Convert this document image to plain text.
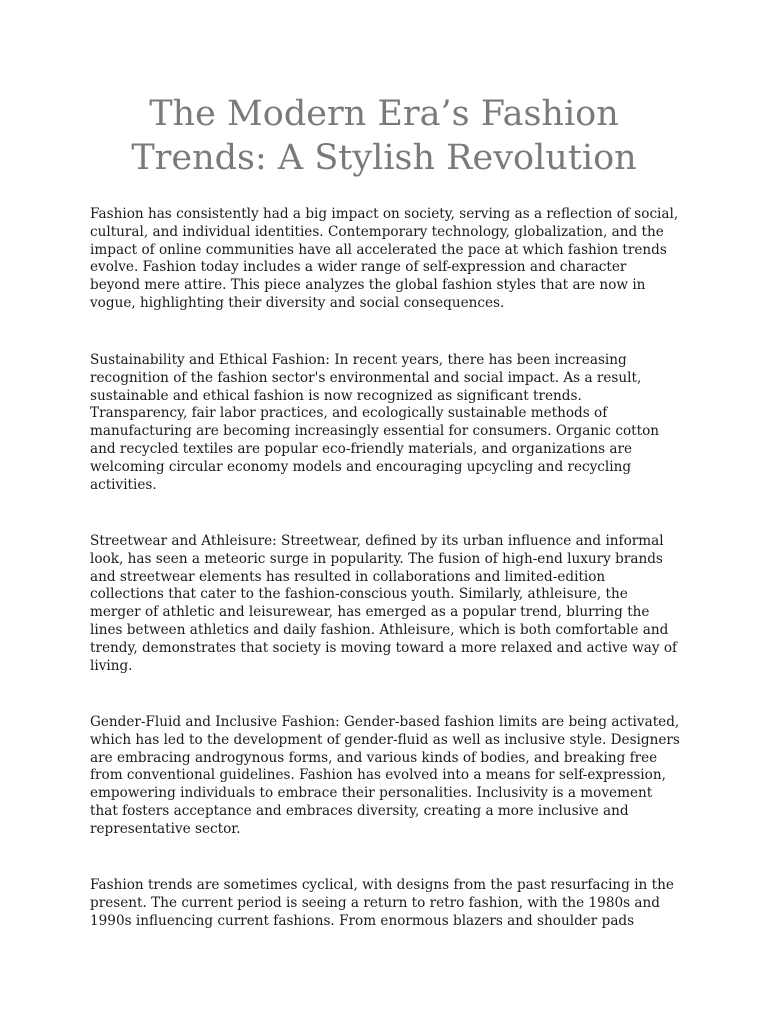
The Modern Era’s Fashion Trends: A Stylish Revolution

Fashion has consistently had a big impact on society, serving as a reflection of social, cultural, and individual identities. Contemporary technology, globalization, and the impact of online communities have all accelerated the pace at which fashion trends evolve. Fashion today includes a wider range of self-expression and character beyond mere attire. This piece analyzes the global fashion styles that are now in vogue, highlighting their diversity and social consequences.

Sustainability and Ethical Fashion: In recent years, there has been increasing recognition of the fashion sector's environmental and social impact. As a result, sustainable and ethical fashion is now recognized as significant trends. Transparency, fair labor practices, and ecologically sustainable methods of manufacturing are becoming increasingly essential for consumers. Organic cotton and recycled textiles are popular eco-friendly materials, and organizations are welcoming circular economy models and encouraging upcycling and recycling activities.

Streetwear and Athleisure: Streetwear, defined by its urban influence and informal look, has seen a meteoric surge in popularity. The fusion of high-end luxury brands and streetwear elements has resulted in collaborations and limited-edition collections that cater to the fashion-conscious youth. Similarly, athleisure, the merger of athletic and leisurewear, has emerged as a popular trend, blurring the lines between athletics and daily fashion. Athleisure, which is both comfortable and trendy, demonstrates that society is moving toward a more relaxed and active way of living.

Gender-Fluid and Inclusive Fashion: Gender-based fashion limits are being activated, which has led to the development of gender-fluid as well as inclusive style. Designers are embracing androgynous forms, and various kinds of bodies, and breaking free from conventional guidelines. Fashion has evolved into a means for self-expression, empowering individuals to embrace their personalities. Inclusivity is a movement that fosters acceptance and embraces diversity, creating a more inclusive and representative sector.

Fashion trends are sometimes cyclical, with designs from the past resurfacing in the present. The current period is seeing a return to retro fashion, with the 1980s and 1990s influencing current fashions. From enormous blazers and shoulder pads
